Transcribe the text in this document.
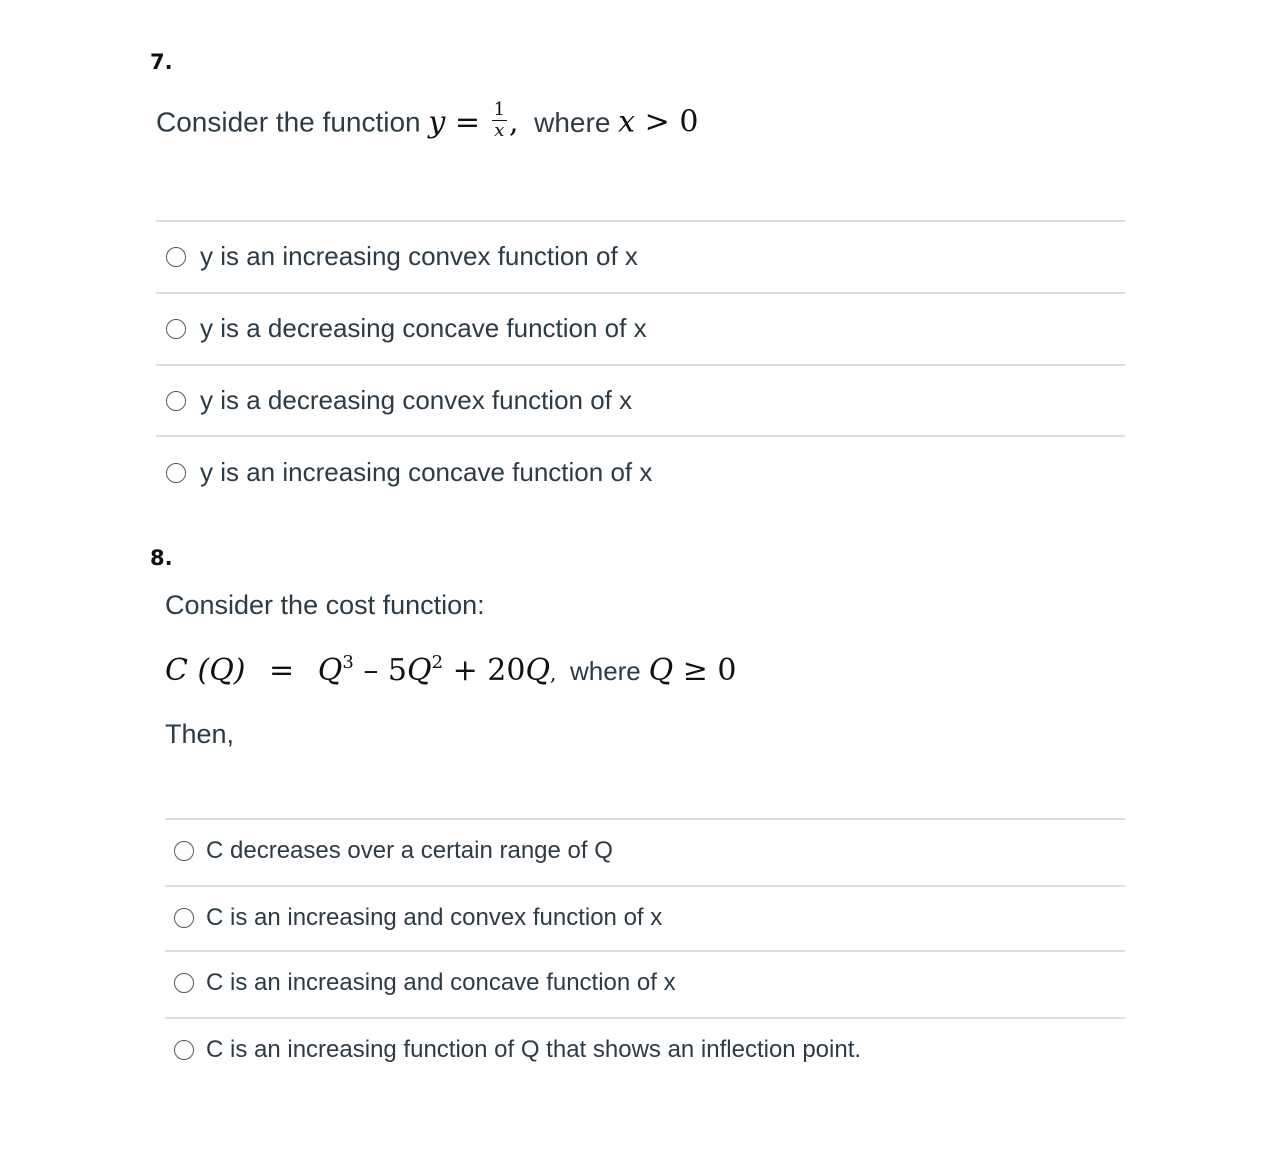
7.
Consider the function $y = \frac{1}{x}$ , where x > 0
y is an increasing convex function of x
y is a decreasing concave function of x
y is a decreasing convex function of x
y is an increasing concave function of x
8.
Consider the cost function:
C $(Q) = Q^3 - 5Q^2 + 20Q$, where Q ≥ 0
Then,
C decreases over a certain range of Q
C is an increasing and convex function of x
C is an increasing and concave function of x
C is an increasing function of Q that shows an inflection point.
